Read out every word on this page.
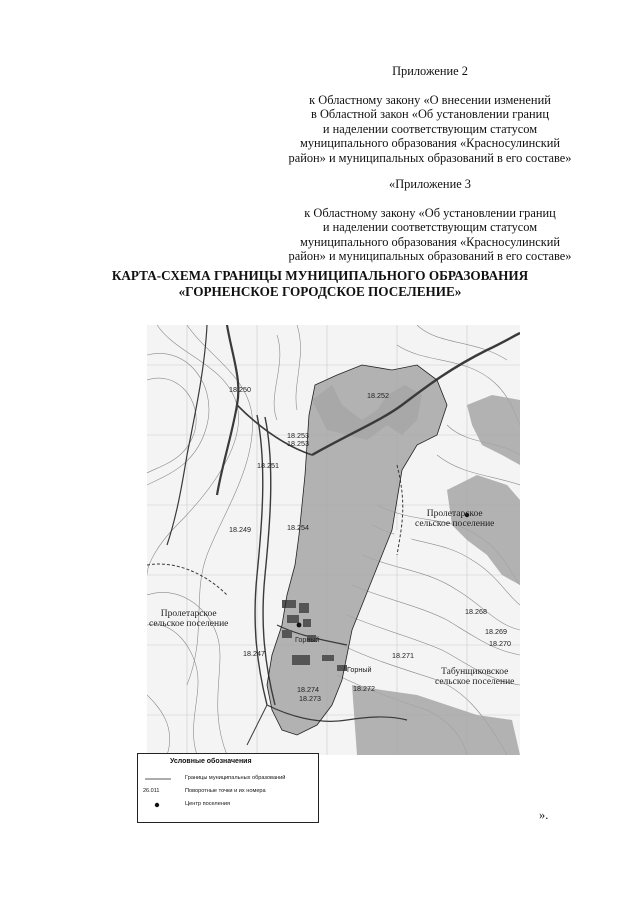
Приложение 2
к Областному закону «О внесении изменений
в Областной закон «Об установлении границ
и наделении соответствующим статусом
муниципального образования «Красносулинский
район» и муниципальных образований в его составе»
«Приложение 3
к Областному закону «Об установлении границ
и наделении соответствующим статусом
муниципального образования «Красносулинский
район» и муниципальных образований в его составе»
КАРТА-СХЕМА ГРАНИЦЫ МУНИЦИПАЛЬНОГО ОБРАЗОВАНИЯ
«ГОРНЕНСКОЕ ГОРОДСКОЕ ПОСЕЛЕНИЕ»
18.250
18.252
18.253
18.253
18.251
18.249	18.254
18.268
18.269
18.270
18.271
18.247
18.274
18.273
18.272
Горный
Горный
Пролетарское
сельское поселение
Пролетарское
сельское поселение
Табунщиковское
сельское поселение
Условные обозначения
Границы муниципальных образований
26.011	Поворотные точки и их номера
Центр поселения
».
